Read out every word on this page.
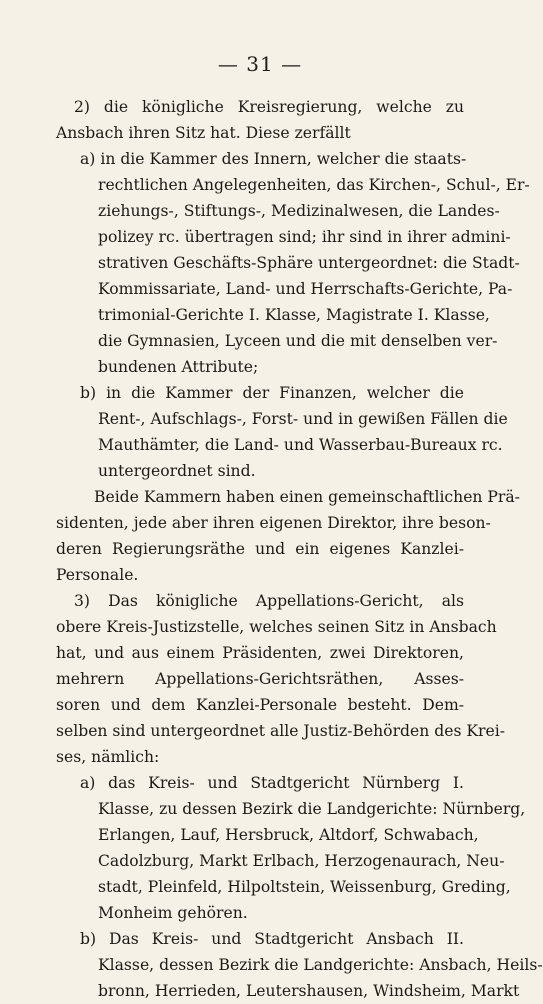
— 31 —
2) die königliche Kreisregierung, welche zu
Ansbach ihren Sitz hat. Diese zerfällt
a) in die Kammer des Innern, welcher die staats-
rechtlichen Angelegenheiten, das Kirchen-, Schul-, Er-
ziehungs-, Stiftungs-, Medizinalwesen, die Landes-
polizey rc. übertragen sind; ihr sind in ihrer admini-
strativen Geschäfts-Sphäre untergeordnet: die Stadt-
Kommissariate, Land- und Herrschafts-Gerichte, Pa-
trimonial-Gerichte I. Klasse, Magistrate I. Klasse,
die Gymnasien, Lyceen und die mit denselben ver-
bundenen Attribute;
b) in die Kammer der Finanzen, welcher die
Rent-, Aufschlags-, Forst- und in gewißen Fällen die
Mauthämter, die Land- und Wasserbau-Bureaux rc.
untergeordnet sind.
Beide Kammern haben einen gemeinschaftlichen Prä-
sidenten, jede aber ihren eigenen Direktor, ihre beson-
deren Regierungsräthe und ein eigenes Kanzlei-
Personale.
3) Das königliche Appellations-Gericht, als
obere Kreis-Justizstelle, welches seinen Sitz in Ansbach
hat, und aus einem Präsidenten, zwei Direktoren,
mehrern Appellations-Gerichtsräthen, Asses-
soren und dem Kanzlei-Personale besteht. Dem-
selben sind untergeordnet alle Justiz-Behörden des Krei-
ses, nämlich:
a) das Kreis- und Stadtgericht Nürnberg I.
Klasse, zu dessen Bezirk die Landgerichte: Nürnberg,
Erlangen, Lauf, Hersbruck, Altdorf, Schwabach,
Cadolzburg, Markt Erlbach, Herzogenaurach, Neu-
stadt, Pleinfeld, Hilpoltstein, Weissenburg, Greding,
Monheim gehören.
b) Das Kreis- und Stadtgericht Ansbach II.
Klasse, dessen Bezirk die Landgerichte: Ansbach, Heils-
bronn, Herrieden, Leutershausen, Windsheim, Markt
